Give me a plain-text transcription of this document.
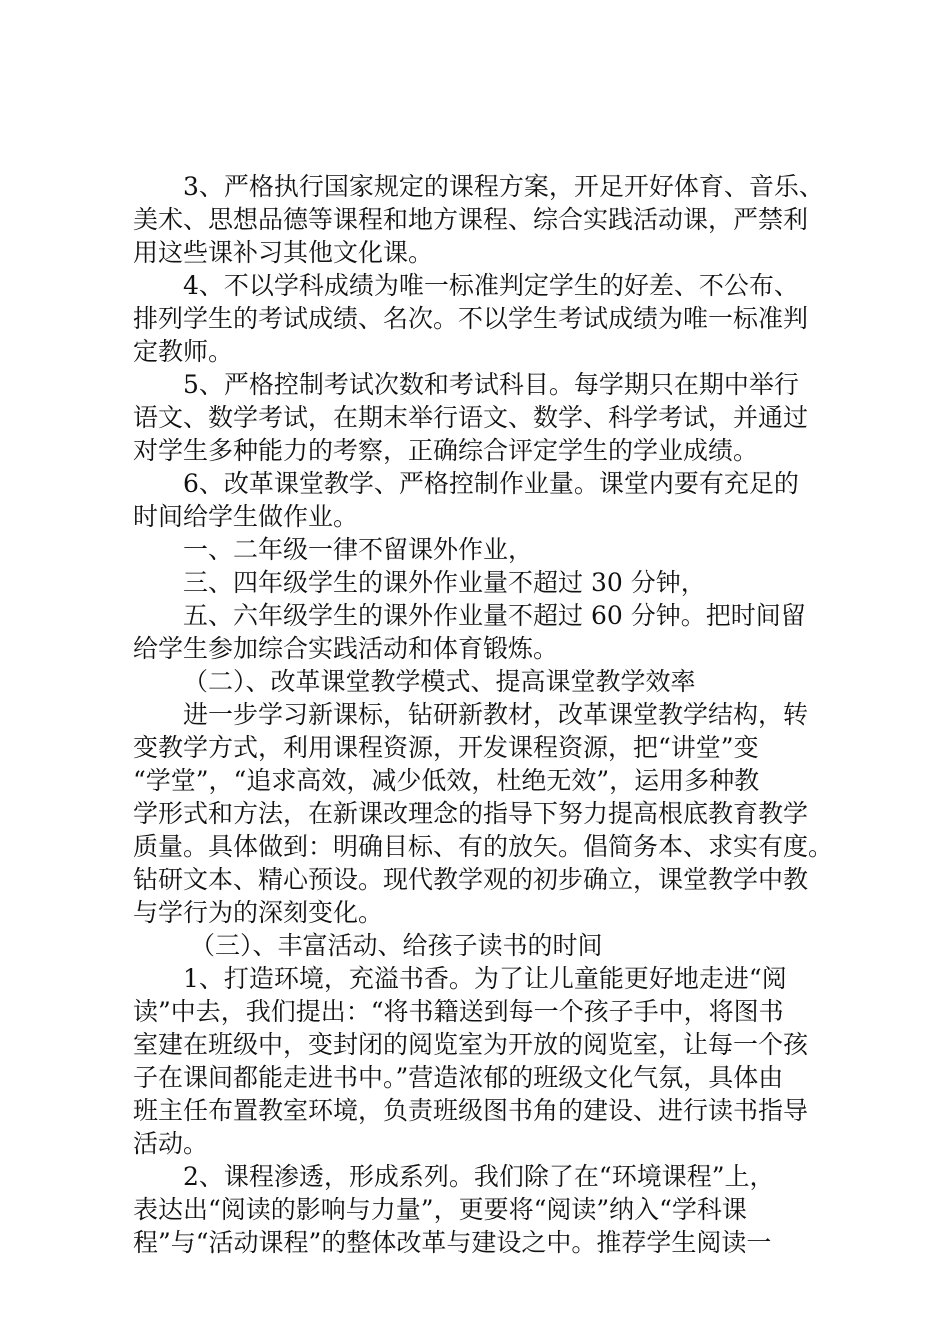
3、严格执行国家规定的课程方案，开足开好体育、音乐、
美术、思想品德等课程和地方课程、综合实践活动课，严禁利
用这些课补习其他文化课。
4、不以学科成绩为唯一标准判定学生的好差、不公布、
排列学生的考试成绩、名次。不以学生考试成绩为唯一标准判
定教师。
5、严格控制考试次数和考试科目。每学期只在期中举行
语文、数学考试，在期末举行语文、数学、科学考试，并通过
对学生多种能力的考察，正确综合评定学生的学业成绩。
6、改革课堂教学、严格控制作业量。课堂内要有充足的
时间给学生做作业。
一、二年级一律不留课外作业，
三、四年级学生的课外作业量不超过 30 分钟，
五、六年级学生的课外作业量不超过 60 分钟。把时间留
给学生参加综合实践活动和体育锻炼。
（二）、改革课堂教学模式、提高课堂教学效率
进一步学习新课标，钻研新教材，改革课堂教学结构，转
变教学方式，利用课程资源，开发课程资源，把“讲堂”变
“学堂”，“追求高效，减少低效，杜绝无效”，运用多种教
学形式和方法，在新课改理念的指导下努力提高根底教育教学
质量。具体做到：明确目标、有的放矢。倡简务本、求实有度。
钻研文本、精心预设。现代教学观的初步确立，课堂教学中教
与学行为的深刻变化。
（三）、丰富活动、给孩子读书的时间
1、打造环境，充溢书香。为了让儿童能更好地走进“阅
读”中去，我们提出：“将书籍送到每一个孩子手中，将图书
室建在班级中，变封闭的阅览室为开放的阅览室，让每一个孩
子在课间都能走进书中。”营造浓郁的班级文化气氛，具体由
班主任布置教室环境，负责班级图书角的建设、进行读书指导
活动。
2、课程渗透，形成系列。我们除了在“环境课程”上，
表达出“阅读的影响与力量”，更要将“阅读”纳入“学科课
程”与“活动课程”的整体改革与建设之中。推荐学生阅读一
